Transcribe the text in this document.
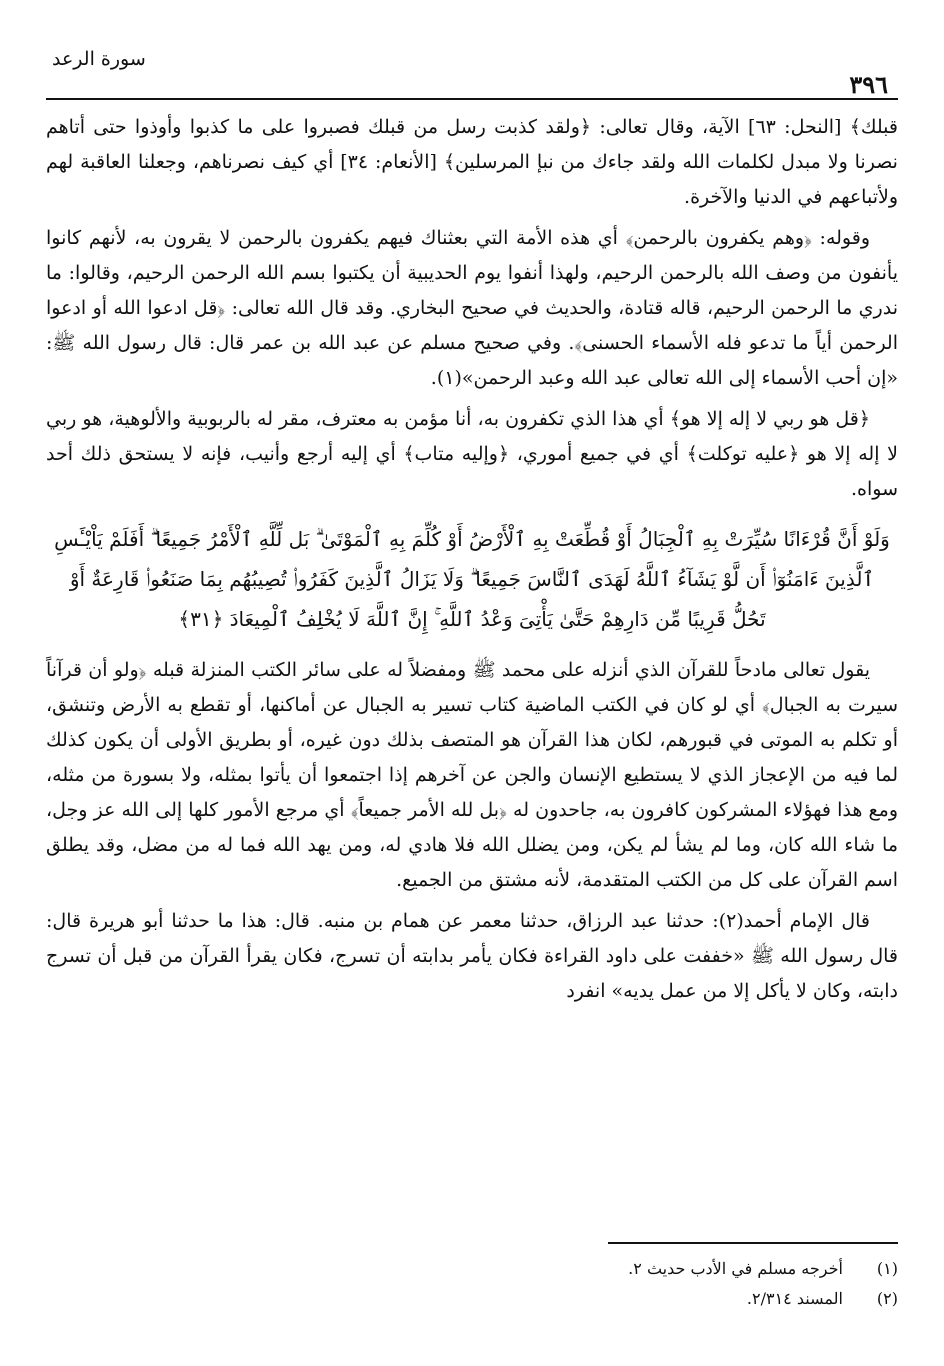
سورة الرعد
٣٩٦

قبلك﴾ [النحل: ٦٣] الآية، وقال تعالى: ﴿ولقد كذبت رسل من قبلك فصبروا على ما كذبوا وأوذوا حتى أتاهم نصرنا ولا مبدل لكلمات الله ولقد جاءك من نبإ المرسلين﴾ [الأنعام: ٣٤] أي كيف نصرناهم، وجعلنا العاقبة لهم ولأتباعهم في الدنيا والآخرة.

وقوله: ﴿وهم يكفرون بالرحمن﴾ أي هذه الأمة التي بعثناك فيهم يكفرون بالرحمن لا يقرون به، لأنهم كانوا يأنفون من وصف الله بالرحمن الرحيم، ولهذا أنفوا يوم الحديبية أن يكتبوا بسم الله الرحمن الرحيم، وقالوا: ما ندري ما الرحمن الرحيم، قاله قتادة، والحديث في صحيح البخاري. وقد قال الله تعالى: ﴿قل ادعوا الله أو ادعوا الرحمن أياً ما تدعو فله الأسماء الحسنى﴾. وفي صحيح مسلم عن عبد الله بن عمر قال: قال رسول الله ﷺ: «إن أحب الأسماء إلى الله تعالى عبد الله وعبد الرحمن»(١).

﴿قل هو ربي لا إله إلا هو﴾ أي هذا الذي تكفرون به، أنا مؤمن به معترف، مقر له بالربوبية والألوهية، هو ربي لا إله إلا هو ﴿عليه توكلت﴾ أي في جميع أموري، ﴿وإليه متاب﴾ أي إليه أرجع وأنيب، فإنه لا يستحق ذلك أحد سواه.

وَلَوْ أَنَّ قُرْءَانًا سُيِّرَتْ بِهِ ٱلْجِبَالُ أَوْ قُطِّعَتْ بِهِ ٱلْأَرْضُ أَوْ كُلِّمَ بِهِ ٱلْمَوْتَىٰ ۗ بَل لِّلَّهِ ٱلْأَمْرُ جَمِيعًا ۗ أَفَلَمْ يَاْيْـَٔسِ ٱلَّذِينَ ءَامَنُوٓا۟ أَن لَّوْ يَشَآءُ ٱللَّهُ لَهَدَى ٱلنَّاسَ جَمِيعًا ۗ وَلَا يَزَالُ ٱلَّذِينَ كَفَرُوا۟ تُصِيبُهُم بِمَا صَنَعُوا۟ قَارِعَةٌ أَوْ تَحُلُّ قَرِيبًا مِّن دَارِهِمْ حَتَّىٰ يَأْتِىَ وَعْدُ ٱللَّهِ ۚ إِنَّ ٱللَّهَ لَا يُخْلِفُ ٱلْمِيعَادَ ﴿٣١﴾

يقول تعالى مادحاً للقرآن الذي أنزله على محمد ﷺ ومفضلاً له على سائر الكتب المنزلة قبله ﴿ولو أن قرآناً سيرت به الجبال﴾ أي لو كان في الكتب الماضية كتاب تسير به الجبال عن أماكنها، أو تقطع به الأرض وتنشق، أو تكلم به الموتى في قبورهم، لكان هذا القرآن هو المتصف بذلك دون غيره، أو بطريق الأولى أن يكون كذلك لما فيه من الإعجاز الذي لا يستطيع الإنسان والجن عن آخرهم إذا اجتمعوا أن يأتوا بمثله، ولا بسورة من مثله، ومع هذا فهؤلاء المشركون كافرون به، جاحدون له ﴿بل لله الأمر جميعاً﴾ أي مرجع الأمور كلها إلى الله عز وجل، ما شاء الله كان، وما لم يشأ لم يكن، ومن يضلل الله فلا هادي له، ومن يهد الله فما له من مضل، وقد يطلق اسم القرآن على كل من الكتب المتقدمة، لأنه مشتق من الجميع.

قال الإمام أحمد(٢): حدثنا عبد الرزاق، حدثنا معمر عن همام بن منبه. قال: هذا ما حدثنا أبو هريرة قال: قال رسول الله ﷺ «خففت على داود القراءة فكان يأمر بدابته أن تسرج، فكان يقرأ القرآن من قبل أن تسرج دابته، وكان لا يأكل إلا من عمل يديه» انفرد

(١) أخرجه مسلم في الأدب حديث ٢.
(٢) المسند ٢/٣١٤.
